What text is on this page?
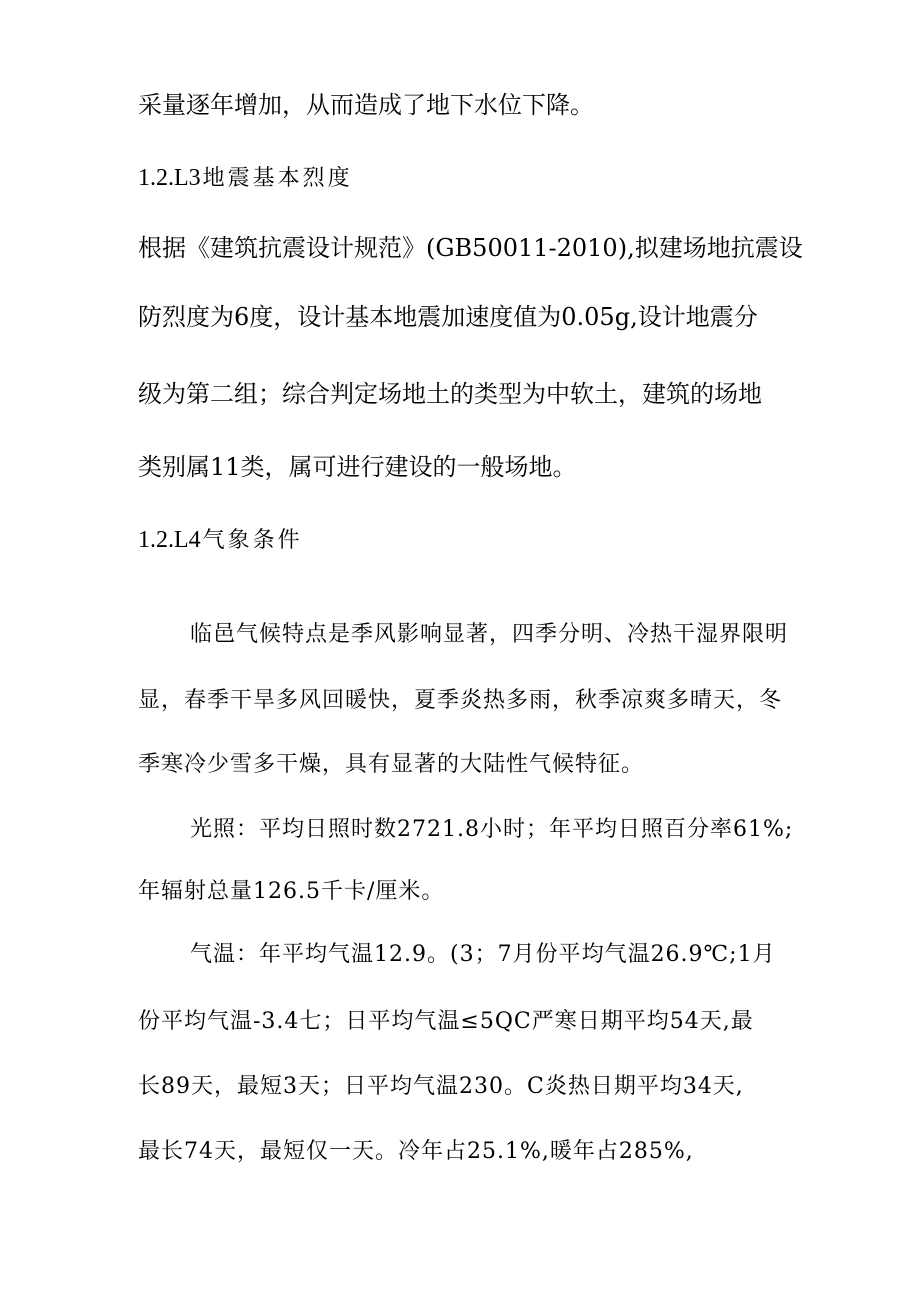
采量逐年增加，从而造成了地下水位下降。
1.2.L3地震基本烈度
根据《建筑抗震设计规范》(GB50011-2010),拟建场地抗震设
防烈度为6度，设计基本地震加速度值为0.05g,设计地震分
级为第二组；综合判定场地土的类型为中软土，建筑的场地
类别属11类，属可进行建设的一般场地。
1.2.L4气象条件
临邑气候特点是季风影响显著，四季分明、冷热干湿界限明
显，春季干旱多风回暖快，夏季炎热多雨，秋季凉爽多晴天，冬
季寒冷少雪多干燥，具有显著的大陆性气候特征。
光照：平均日照时数2721.8小时；年平均日照百分率61%;
年辐射总量126.5千卡/厘米。
气温：年平均气温12.9。(3；7月份平均气温26.9℃;1月
份平均气温-3.4七；日平均气温≤5QC严寒日期平均54天,最
长89天，最短3天；日平均气温230。C炎热日期平均34天,
最长74天，最短仅一天。冷年占25.1%,暖年占285%,
